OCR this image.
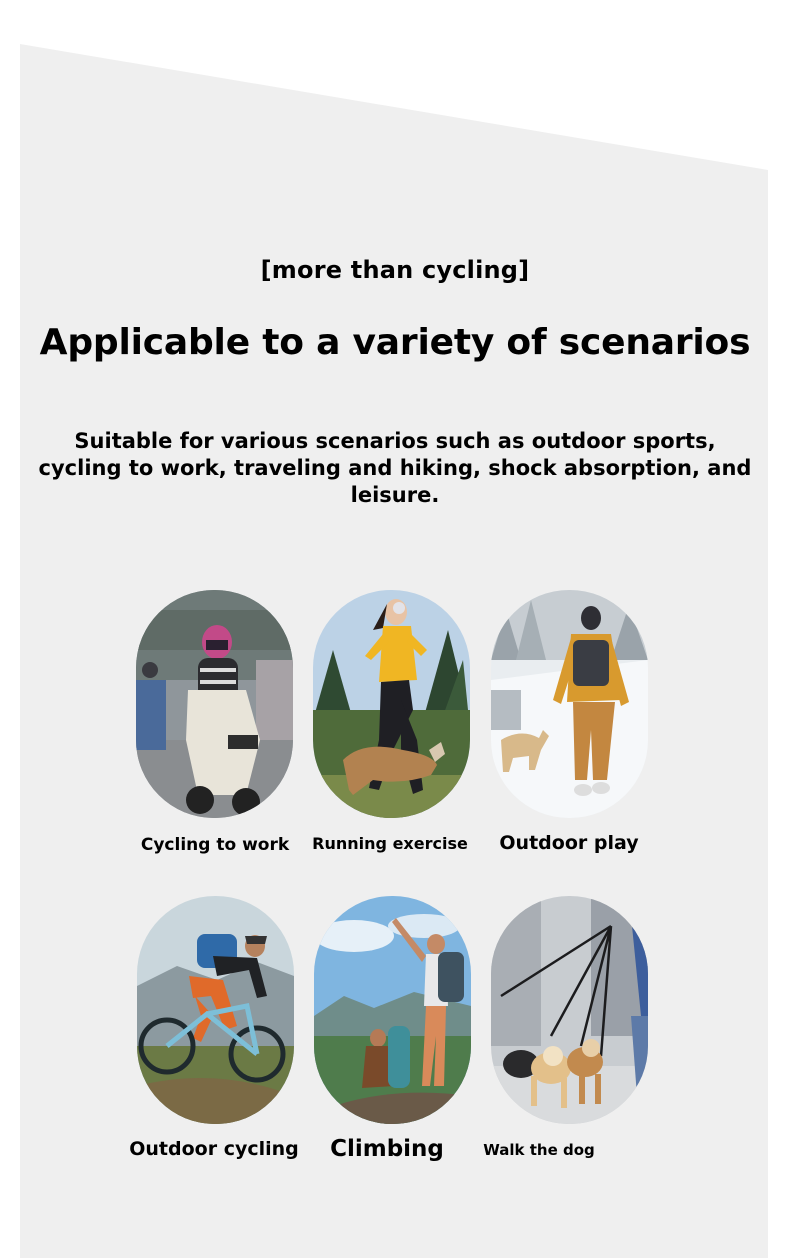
[more than cycling]
Applicable to a variety of scenarios
Suitable for various scenarios such as outdoor sports, cycling to work, traveling and hiking, shock absorption, and leisure.
Cycling to work Running exercise Outdoor play
Outdoor cycling Climbing	Walk the dog
